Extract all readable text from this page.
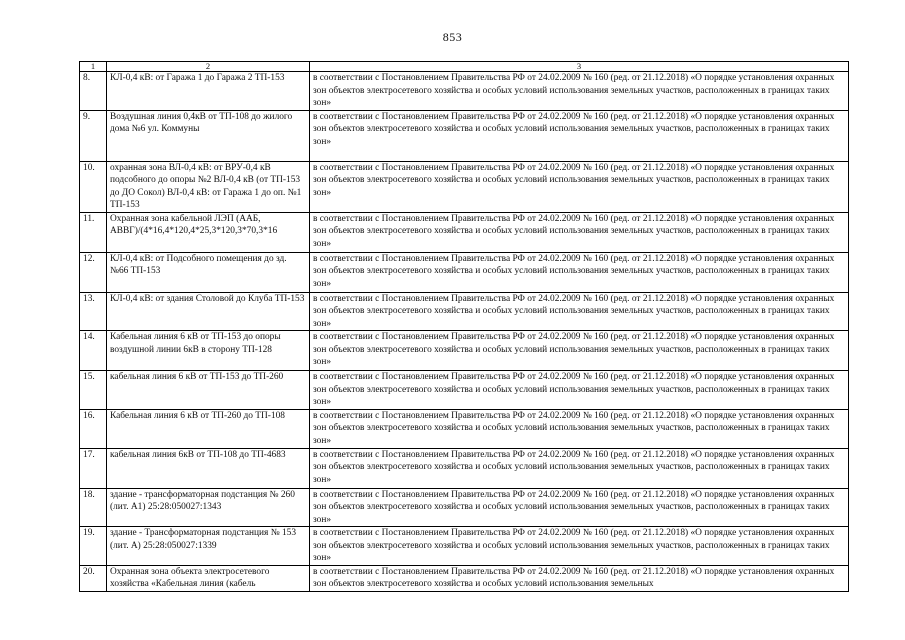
853
1	2	3
8.	КЛ-0,4 кВ: от Гаража 1 до Гаража 2 ТП-153	в соответствии с Постановлением Правительства РФ от 24.02.2009 № 160 (ред. от 21.12.2018) «О порядке установления охранных зон объектов электросетевого хозяйства и особых условий использования земельных участков, расположенных в границах таких зон»
9.	Воздушная линия 0,4кВ от ТП-108 до жилого дома №6 ул. Коммуны	в соответствии с Постановлением Правительства РФ от 24.02.2009 № 160 (ред. от 21.12.2018) «О порядке установления охранных зон объектов электросетевого хозяйства и особых условий использования земельных участков, расположенных в границах таких зон»
10.	охранная зона ВЛ-0,4 кВ: от ВРУ-0,4 кВ подсобного до опоры №2 ВЛ-0,4 кВ (от ТП-153 до ДО Сокол) ВЛ-0,4 кВ: от Гаража 1 до оп. №1 ТП-153	в соответствии с Постановлением Правительства РФ от 24.02.2009 № 160 (ред. от 21.12.2018) «О порядке установления охранных зон объектов электросетевого хозяйства и особых условий использования земельных участков, расположенных в границах таких зон»
11.	Охранная зона кабельной ЛЭП (ААБ, АВВГ)/(4*16,4*120,4*25,3*120,3*70,3*16	в соответствии с Постановлением Правительства РФ от 24.02.2009 № 160 (ред. от 21.12.2018) «О порядке установления охранных зон объектов электросетевого хозяйства и особых условий использования земельных участков, расположенных в границах таких зон»
12.	КЛ-0,4 кВ: от Подсобного помещения до зд. №66 ТП-153	в соответствии с Постановлением Правительства РФ от 24.02.2009 № 160 (ред. от 21.12.2018) «О порядке установления охранных зон объектов электросетевого хозяйства и особых условий использования земельных участков, расположенных в границах таких зон»
13.	КЛ-0,4 кВ: от здания Столовой до Клуба ТП-153	в соответствии с Постановлением Правительства РФ от 24.02.2009 № 160 (ред. от 21.12.2018) «О порядке установления охранных зон объектов электросетевого хозяйства и особых условий использования земельных участков, расположенных в границах таких зон»
14.	Кабельная линия 6 кВ от ТП-153 до опоры воздушной линии 6кВ в сторону ТП-128	в соответствии с Постановлением Правительства РФ от 24.02.2009 № 160 (ред. от 21.12.2018) «О порядке установления охранных зон объектов электросетевого хозяйства и особых условий использования земельных участков, расположенных в границах таких зон»
15.	кабельная линия 6 кВ от ТП-153 до ТП-260	в соответствии с Постановлением Правительства РФ от 24.02.2009 № 160 (ред. от 21.12.2018) «О порядке установления охранных зон объектов электросетевого хозяйства и особых условий использования земельных участков, расположенных в границах таких зон»
16.	Кабельная линия 6 кВ от ТП-260 до ТП-108	в соответствии с Постановлением Правительства РФ от 24.02.2009 № 160 (ред. от 21.12.2018) «О порядке установления охранных зон объектов электросетевого хозяйства и особых условий использования земельных участков, расположенных в границах таких зон»
17.	кабельная линия 6кВ от ТП-108 до ТП-4683	в соответствии с Постановлением Правительства РФ от 24.02.2009 № 160 (ред. от 21.12.2018) «О порядке установления охранных зон объектов электросетевого хозяйства и особых условий использования земельных участков, расположенных в границах таких зон»
18.	здание - трансформаторная подстанция № 260 (лит. А1) 25:28:050027:1343	в соответствии с Постановлением Правительства РФ от 24.02.2009 № 160 (ред. от 21.12.2018) «О порядке установления охранных зон объектов электросетевого хозяйства и особых условий использования земельных участков, расположенных в границах таких зон»
19.	здание - Трансформаторная подстанция № 153 (лит. А) 25:28:050027:1339	в соответствии с Постановлением Правительства РФ от 24.02.2009 № 160 (ред. от 21.12.2018) «О порядке установления охранных зон объектов электросетевого хозяйства и особых условий использования земельных участков, расположенных в границах таких зон»
20.	Охранная зона объекта электросетевого хозяйства «Кабельная линия (кабель	в соответствии с Постановлением Правительства РФ от 24.02.2009 № 160 (ред. от 21.12.2018) «О порядке установления охранных зон объектов электросетевого хозяйства и особых условий использования земельных
